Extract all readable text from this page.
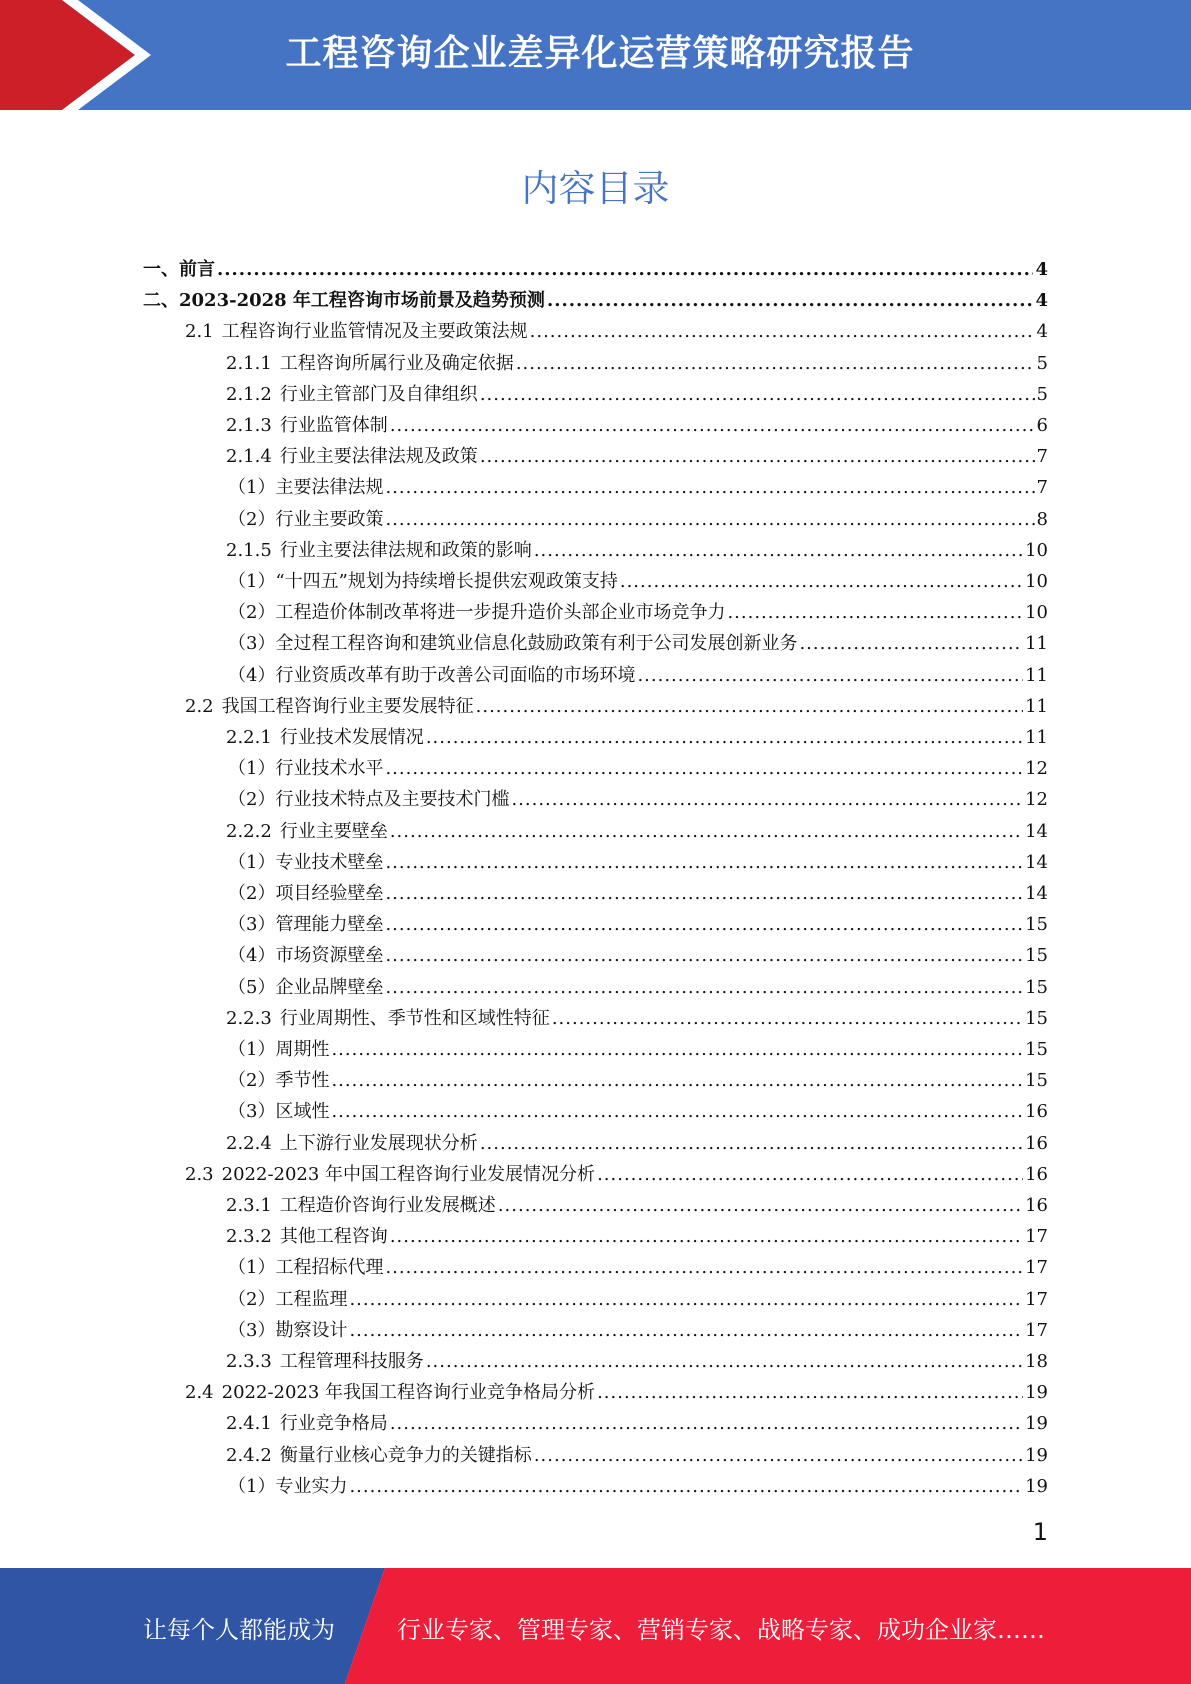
工程咨询企业差异化运营策略研究报告
内容目录
一、 前言 .....	4
二、 2023-2028 年工程咨询市场前景及趋势预测 .....	4
2.1 工程咨询行业监管情况及主要政策法规 .....	4
2.1.1 工程咨询所属行业及确定依据 .....	5
2.1.2 行业主管部门及自律组织 .....	5
2.1.3 行业监管体制 .....	6
2.1.4 行业主要法律法规及政策 .....	7
（1） 主要法律法规 .....	7
（2） 行业主要政策 .....	8
2.1.5 行业主要法律法规和政策的影响 .....	10
（1） “十四五”规划为持续增长提供宏观政策支持 .....	10
（2） 工程造价体制改革将进一步提升造价头部企业市场竞争力 .....	10
（3） 全过程工程咨询和建筑业信息化鼓励政策有利于公司发展创新业务 .....	11
（4） 行业资质改革有助于改善公司面临的市场环境 .....	11
2.2 我国工程咨询行业主要发展特征 .....	11
2.2.1 行业技术发展情况 .....	11
（1） 行业技术水平 .....	12
（2） 行业技术特点及主要技术门槛 .....	12
2.2.2 行业主要壁垒 .....	14
（1） 专业技术壁垒 .....	14
（2） 项目经验壁垒 .....	14
（3） 管理能力壁垒 .....	15
（4） 市场资源壁垒 .....	15
（5） 企业品牌壁垒 .....	15
2.2.3 行业周期性、季节性和区域性特征 .....	15
（1） 周期性 .....	15
（2） 季节性 .....	15
（3） 区域性 .....	16
2.2.4 上下游行业发展现状分析 .....	16
2.3 2022-2023 年中国工程咨询行业发展情况分析 .....	16
2.3.1 工程造价咨询行业发展概述 .....	16
2.3.2 其他工程咨询 .....	17
（1） 工程招标代理 .....	17
（2） 工程监理 .....	17
（3） 勘察设计 .....	17
2.3.3 工程管理科技服务 .....	18
2.4 2022-2023 年我国工程咨询行业竞争格局分析 .....	19
2.4.1 行业竞争格局 .....	19
2.4.2 衡量行业核心竞争力的关键指标 .....	19
（1） 专业实力 .....	19
1
让每个人都能成为	行业专家、管理专家、营销专家、战略专家、成功企业家……
